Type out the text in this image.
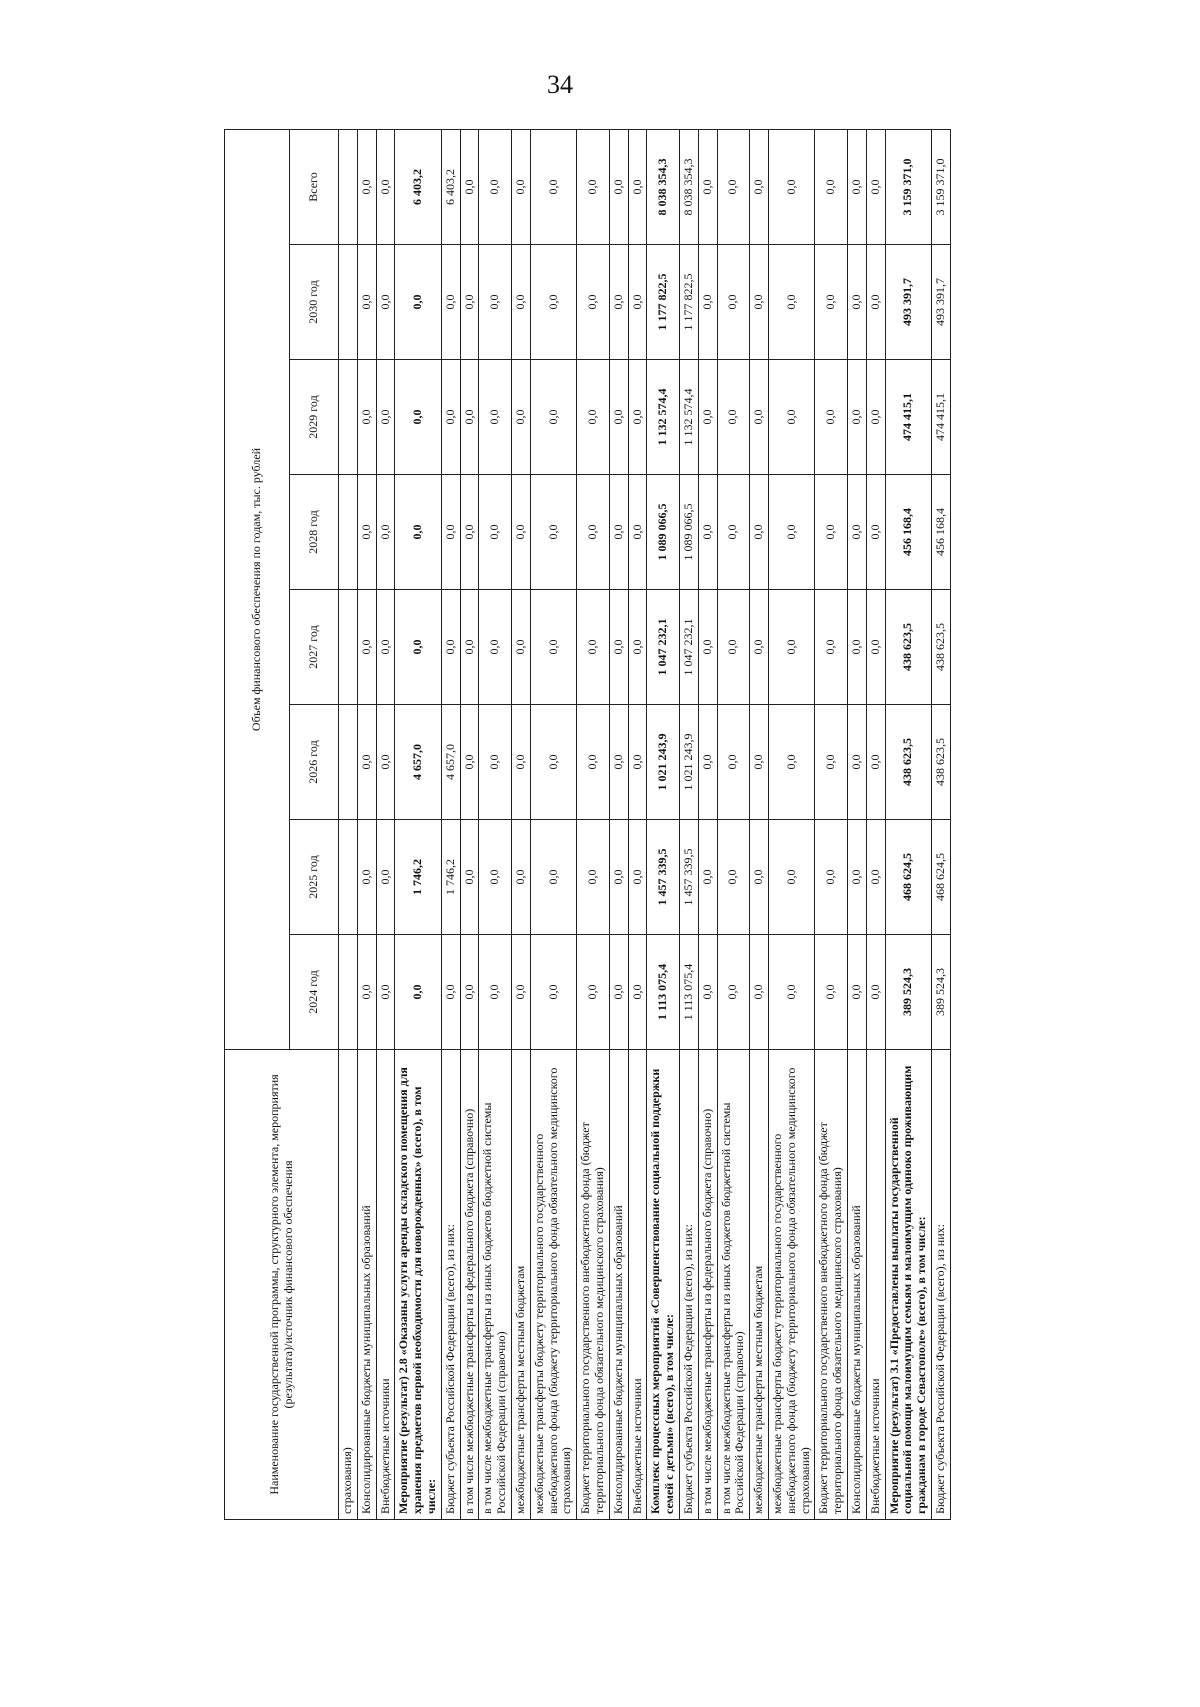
34
Наименование государственной программы, структурного элемента, мероприятия (результата)/источник финансового обеспечения	Объем финансового обеспечения по годам, тыс. рублей							
	2024 год	2025 год	2026 год	2027 год	2028 год	2029 год	2030 год	Всего
страхования)								
Консолидированные бюджеты муниципальных образований	0,0	0,0	0,0	0,0	0,0	0,0	0,0	0,0
Внебюджетные источники	0,0	0,0	0,0	0,0	0,0	0,0	0,0	0,0
Мероприятие (результат) 2.8 «Оказаны услуги аренды складского помещения для хранения предметов первой необходимости для новорожденных» (всего), в том числе:	0,0	1 746,2	4 657,0	0,0	0,0	0,0	0,0	6 403,2
Бюджет субъекта Российской Федерации (всего), из них:	0,0	1 746,2	4 657,0	0,0	0,0	0,0	0,0	6 403,2
в том числе межбюджетные трансферты из федерального бюджета (справочно)	0,0	0,0	0,0	0,0	0,0	0,0	0,0	0,0
в том числе межбюджетные трансферты из иных бюджетов бюджетной системы Российской Федерации (справочно)	0,0	0,0	0,0	0,0	0,0	0,0	0,0	0,0
межбюджетные трансферты местным бюджетам	0,0	0,0	0,0	0,0	0,0	0,0	0,0	0,0
межбюджетные трансферты бюджету территориального государственного внебюджетного фонда (бюджету территориального фонда обязательного медицинского страхования)	0,0	0,0	0,0	0,0	0,0	0,0	0,0	0,0
Бюджет территориального государственного внебюджетного фонда (бюджет территориального фонда обязательного медицинского страхования)	0,0	0,0	0,0	0,0	0,0	0,0	0,0	0,0
Консолидированные бюджеты муниципальных образований	0,0	0,0	0,0	0,0	0,0	0,0	0,0	0,0
Внебюджетные источники	0,0	0,0	0,0	0,0	0,0	0,0	0,0	0,0
Комплекс процессных мероприятий «Совершенствование социальной поддержки семей с детьми» (всего), в том числе:	1 113 075,4	1 457 339,5	1 021 243,9	1 047 232,1	1 089 066,5	1 132 574,4	1 177 822,5	8 038 354,3
Бюджет субъекта Российской Федерации (всего), из них:	1 113 075,4	1 457 339,5	1 021 243,9	1 047 232,1	1 089 066,5	1 132 574,4	1 177 822,5	8 038 354,3
в том числе межбюджетные трансферты из федерального бюджета (справочно)	0,0	0,0	0,0	0,0	0,0	0,0	0,0	0,0
в том числе межбюджетные трансферты из иных бюджетов бюджетной системы Российской Федерации (справочно)	0,0	0,0	0,0	0,0	0,0	0,0	0,0	0,0
межбюджетные трансферты местным бюджетам	0,0	0,0	0,0	0,0	0,0	0,0	0,0	0,0
межбюджетные трансферты бюджету территориального государственного внебюджетного фонда (бюджету территориального фонда обязательного медицинского страхования)	0,0	0,0	0,0	0,0	0,0	0,0	0,0	0,0
Бюджет территориального государственного внебюджетного фонда (бюджет территориального фонда обязательного медицинского страхования)	0,0	0,0	0,0	0,0	0,0	0,0	0,0	0,0
Консолидированные бюджеты муниципальных образований	0,0	0,0	0,0	0,0	0,0	0,0	0,0	0,0
Внебюджетные источники	0,0	0,0	0,0	0,0	0,0	0,0	0,0	0,0
Мероприятие (результат) 3.1 «Предоставлены выплаты государственной социальной помощи малоимущим семьям и малоимущим одиноко проживающим гражданам в городе Севастополе» (всего), в том числе:	389 524,3	468 624,5	438 623,5	438 623,5	456 168,4	474 415,1	493 391,7	3 159 371,0
Бюджет субъекта Российской Федерации (всего), из них:	389 524,3	468 624,5	438 623,5	438 623,5	456 168,4	474 415,1	493 391,7	3 159 371,0
